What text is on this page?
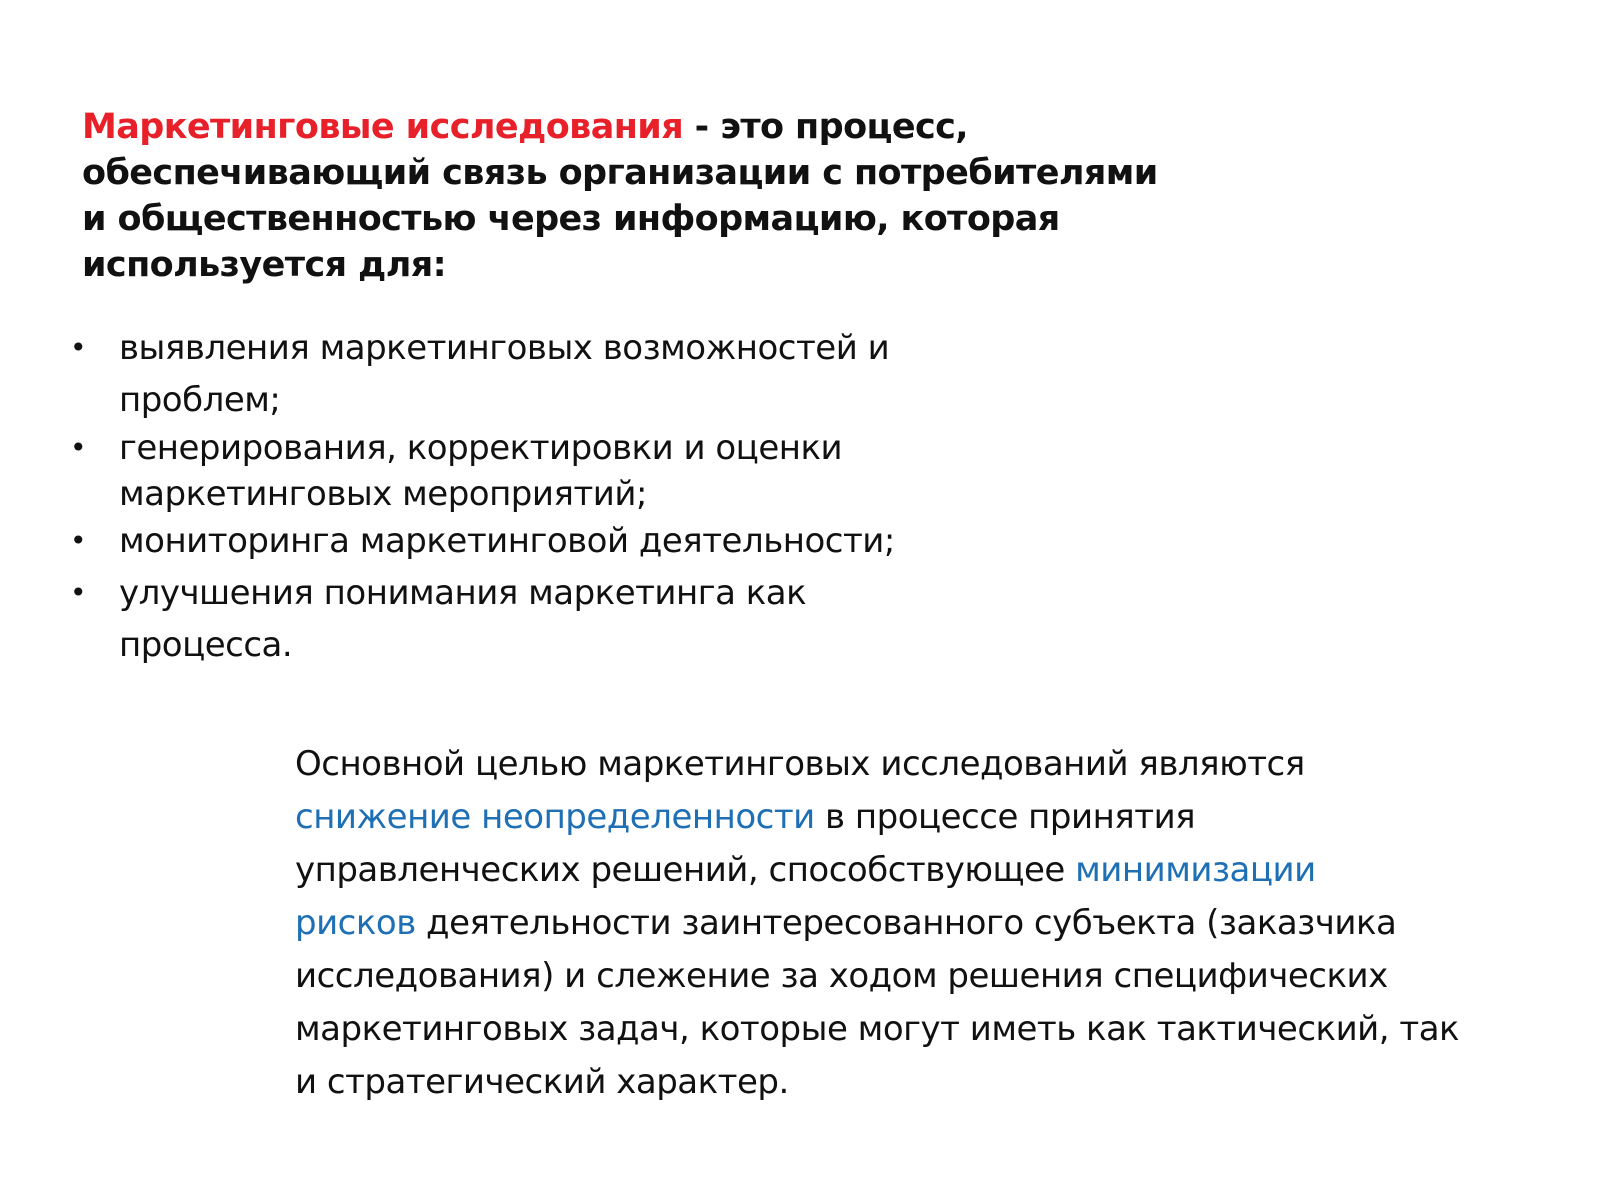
Маркетинговые исследования - это процесс,
обеспечивающий связь организации с потребителями
и общественностью через информацию, которая
используется для:
• выявления маркетинговых возможностей и
проблем;
• генерирования, корректировки и оценки
маркетинговых мероприятий;
• мониторинга маркетинговой деятельности;
• улучшения понимания маркетинга как
процесса.
Основной целью маркетинговых исследований являются
снижение неопределенности в процессе принятия
управленческих решений, способствующее минимизации
рисков деятельности заинтересованного субъекта (заказчика
исследования) и слежение за ходом решения специфических
маркетинговых задач, которые могут иметь как тактический, так
и стратегический характер.
